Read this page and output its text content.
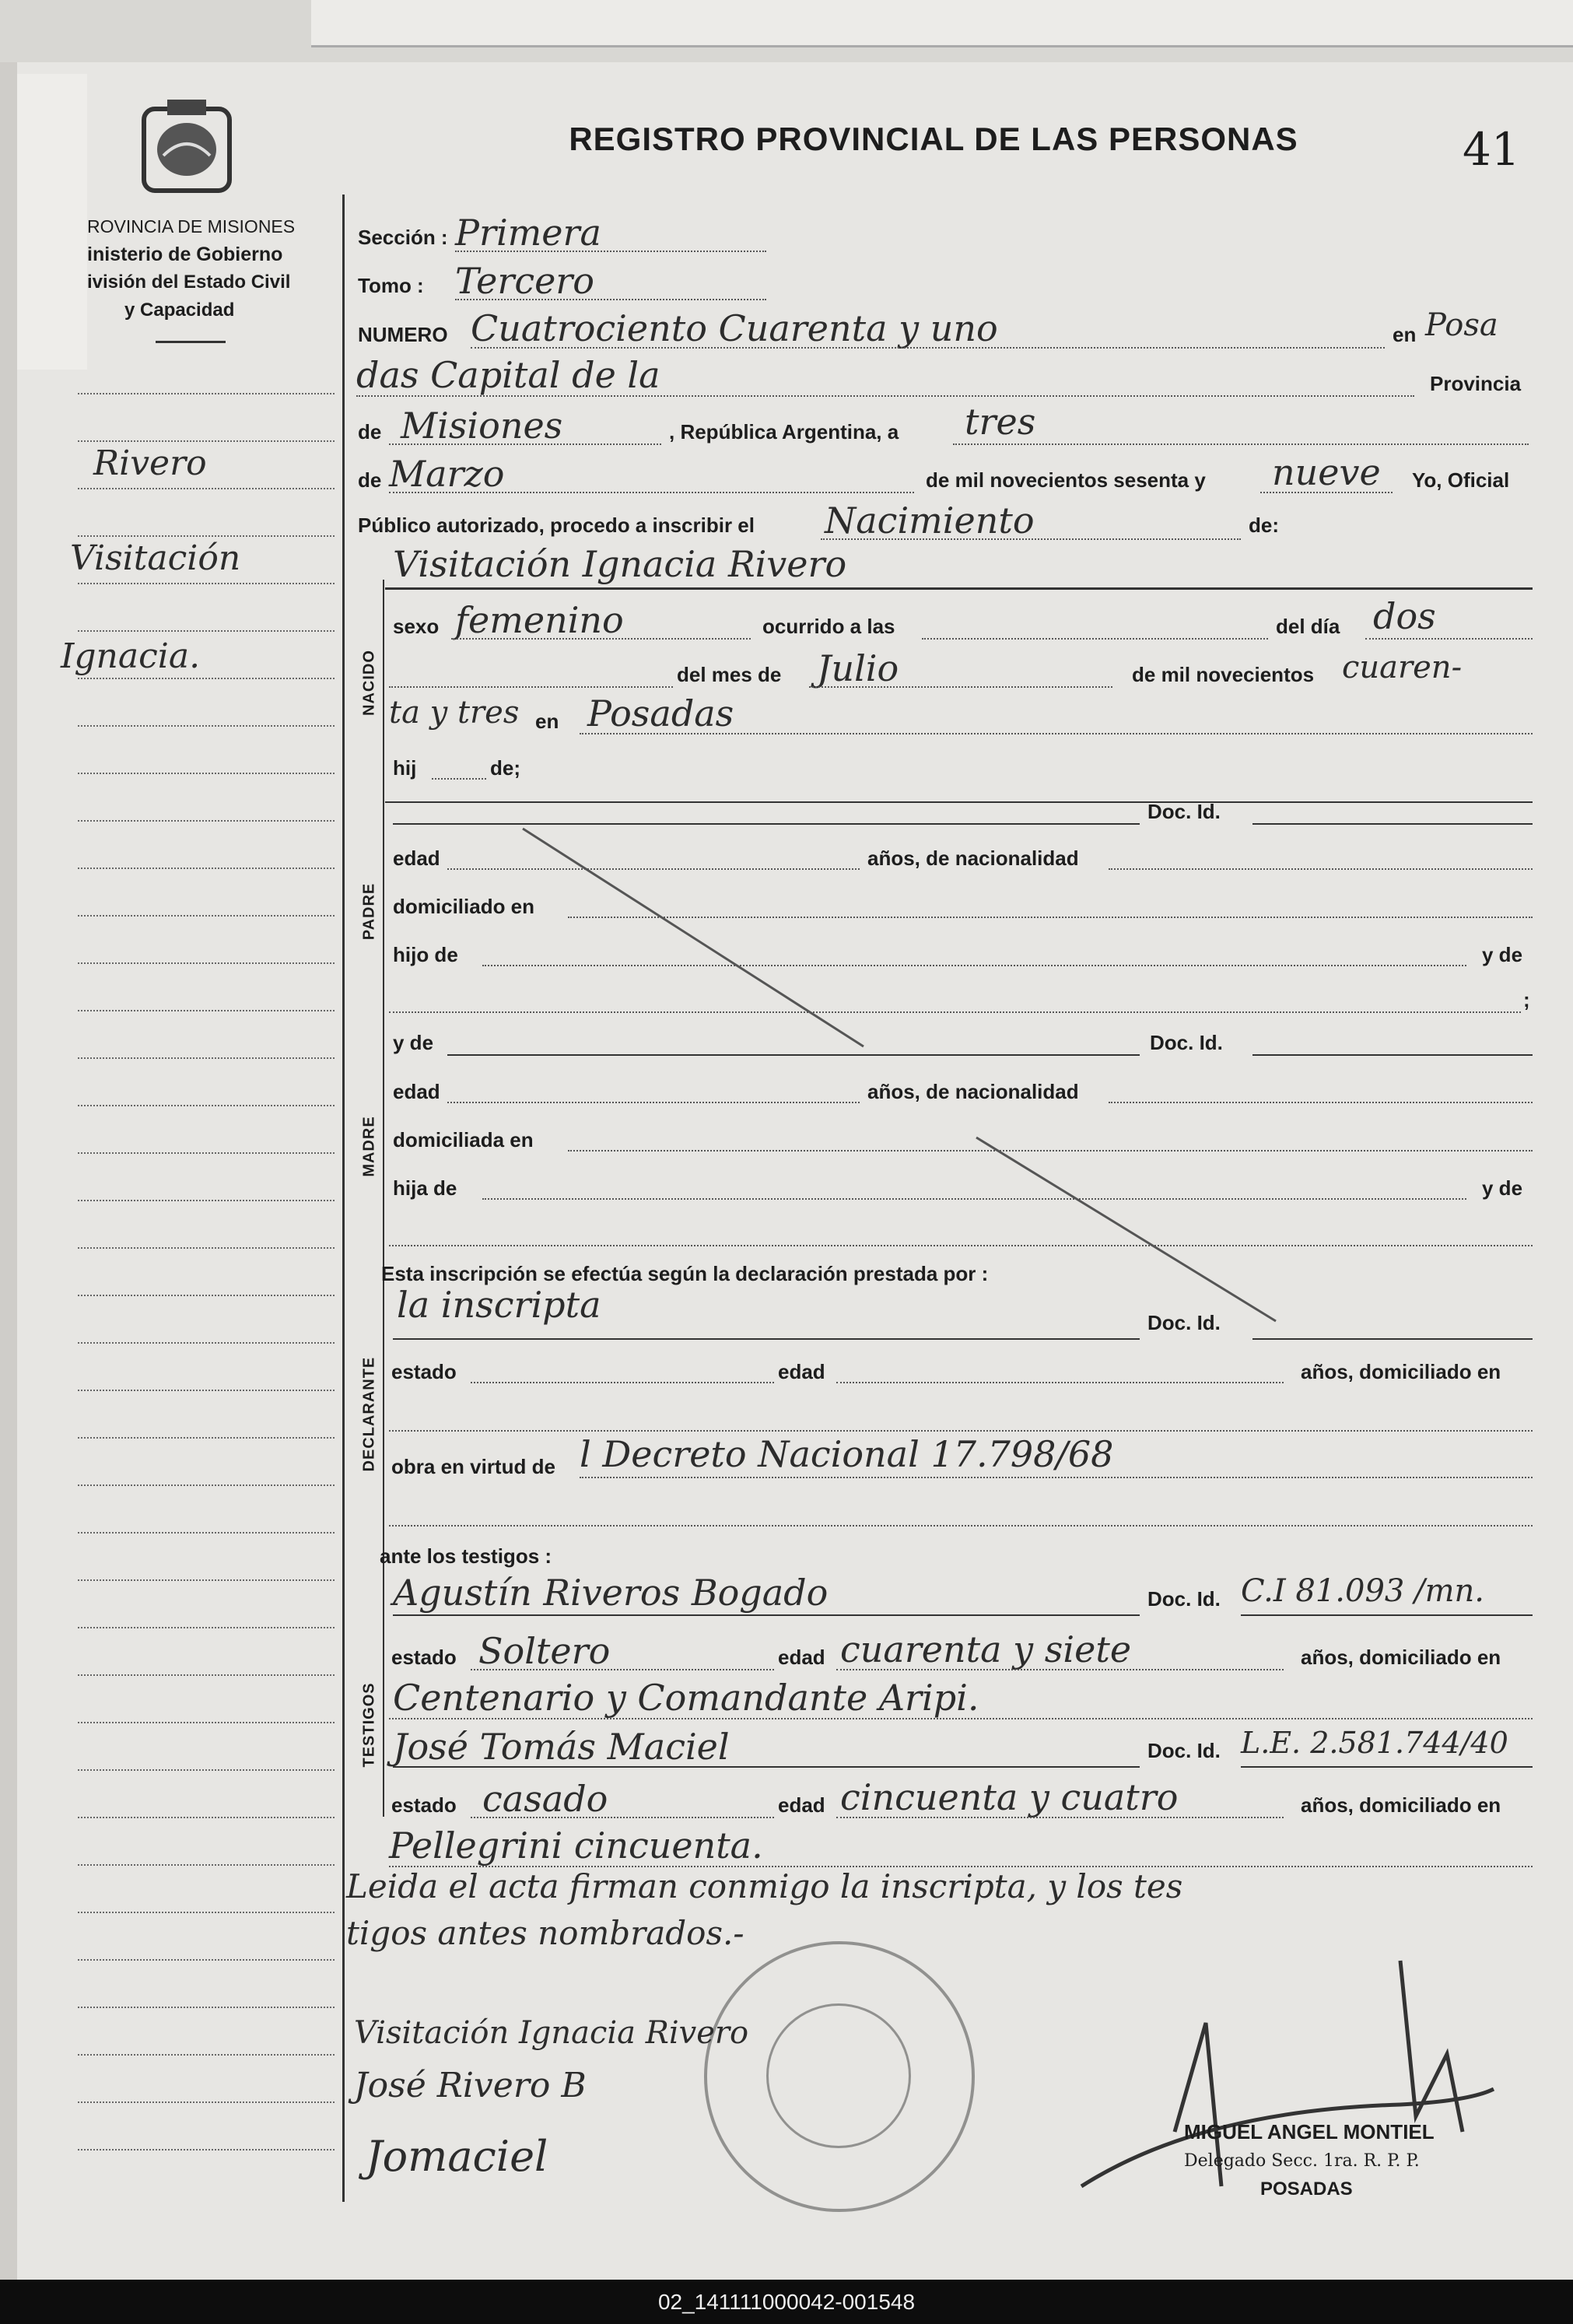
ROVINCIA DE MISIONES
inisterio de Gobierno
ivisión del Estado Civil
y Capacidad
REGISTRO PROVINCIAL DE LAS PERSONAS	41
Rivero
Visitación
Ignacia.
Sección : Primera
Tomo : Tercero
NUMERO Cuatrociento Cuarenta y uno	en Posa
das Capital de la	Provincia
de Misiones	, República Argentina, a tres
de Marzo	de mil novecientos sesenta y nueve Yo, Oficial
Público autorizado, procedo a inscribir el Nacimiento	de:
Visitación Ignacia Rivero
NACIDO
sexo femenino	ocurrido a las	del día dos
del mes de Julio	de mil novecientos cuaren-
ta y tres en Posadas
hij	de;
PADRE
Doc. Id.
edad	años, de nacionalidad
domiciliado en
hijo de	y de
;
MADRE
y de	Doc. Id.
edad	años, de nacionalidad
domiciliada en
hija de	y de
Esta inscripción se efectúa según la declaración prestada por :
DECLARANTE
la inscripta	Doc. Id.
estado	edad	años, domiciliado en
obra en virtud de l Decreto Nacional 17.798/68
ante los testigos :
TESTIGOS
Agustín Riveros Bogado	Doc. Id. C.I 81.093 /mn.
estado Soltero	edad cuarenta y siete	años, domiciliado en
Centenario y Comandante Aripi.
José Tomás Maciel	Doc. Id. L.E. 2.581.744/40
estado casado	edad cincuenta y cuatro	años, domiciliado en
Pellegrini cincuenta.
Leida el acta firman conmigo la inscripta, y los tes
tigos antes nombrados.-
Visitación Ignacia Rivero
José Rivero B
Jomaciel	MIGUEL ANGEL MONTIEL
Delegado Secc. 1ra. R. P. P.
POSADAS
02_141111000042-001548
